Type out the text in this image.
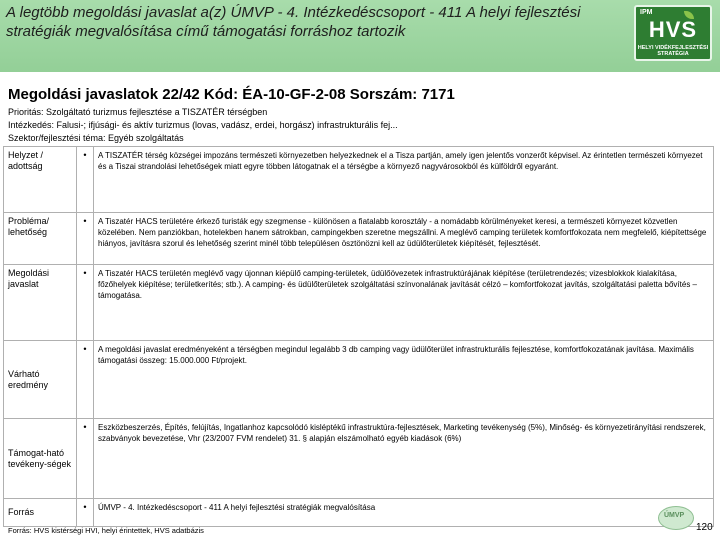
A legtöbb megoldási javaslat a(z) ÚMVP - 4. Intézkedéscsoport - 411 A helyi fejlesztési stratégiák megvalósítása című támogatási forráshoz tartozik
IPM
HVS
HELYI VIDÉKFEJLESZTÉSI STRATÉGIA
Megoldási javaslatok 22/42 Kód: ÉA-10-GF-2-08 Sorszám: 7171
Prioritás: Szolgáltató turizmus fejlesztése a TISZATÉR térségben
Intézkedés: Falusi-; ifjúsági- és aktív turizmus (lovas, vadász, erdei, horgász) infrastrukturális fej...
Szektor/fejlesztési téma: Egyéb szolgáltatás
Helyzet / adottság	•	A TISZATÉR térség községei impozáns természeti környezetben helyezkednek el a Tisza partján, amely igen jelentős vonzerőt képvisel. Az érintetlen természeti környezet és a Tiszai strandolási lehetőségek miatt egyre többen látogatnak el a térségbe a környező nagyvárosokból és külföldről egyaránt.
Probléma/ lehetőség	•	A Tiszatér HACS területére érkező turisták egy szegmense - különösen a fiatalabb korosztály - a nomádabb körülményeket keresi, a természeti környezet közvetlen közelében. Nem panziókban, hotelekben hanem sátrokban, campingekben szeretne megszállni. A meglévő camping területek komfortfokozata nem megfelelő, kiépítettsége hiányos, javításra szorul és lehetőség szerint minél több településen ösztönözni kell az üdülőterületek kiépítését, fejlesztését.
Megoldási javaslat	•	A Tiszatér HACS területén meglévő vagy újonnan kiépülő camping-területek, üdülőövezetek infrastruktúrájának kiépítése (területrendezés; vizesblokkok kialakítása, főzőhelyek kiépítése; területkerítés; stb.). A camping- és üdülőterületek szolgáltatási színvonalának javítását célzó – komfortfokozat javítás, szolgáltatási paletta bővítés – támogatása.
Várható eredmény	•	A megoldási javaslat eredményeként a térségben megindul legalább 3 db camping vagy üdülőterület infrastrukturális fejlesztése, komfortfokozatának javítása. Maximális támogatási összeg: 15.000.000 Ft/projekt.
Támogat-ható tevékeny-ségek	•	Eszközbeszerzés, Építés, felújítás, Ingatlanhoz kapcsolódó kisléptékű infrastruktúra-fejlesztések, Marketing tevékenység (5%), Minőség- és környezetirányítási rendszerek, szabványok bevezetése, Vhr (23/2007 FVM rendelet) 31. § alapján elszámolható egyéb kiadások (6%)
Forrás	•	ÚMVP - 4. Intézkedéscsoport - 411 A helyi fejlesztési stratégiák megvalósítása
Forrás: HVS kistérségi HVI, helyi érintettek, HVS adatbázis
ÚMVP
120
